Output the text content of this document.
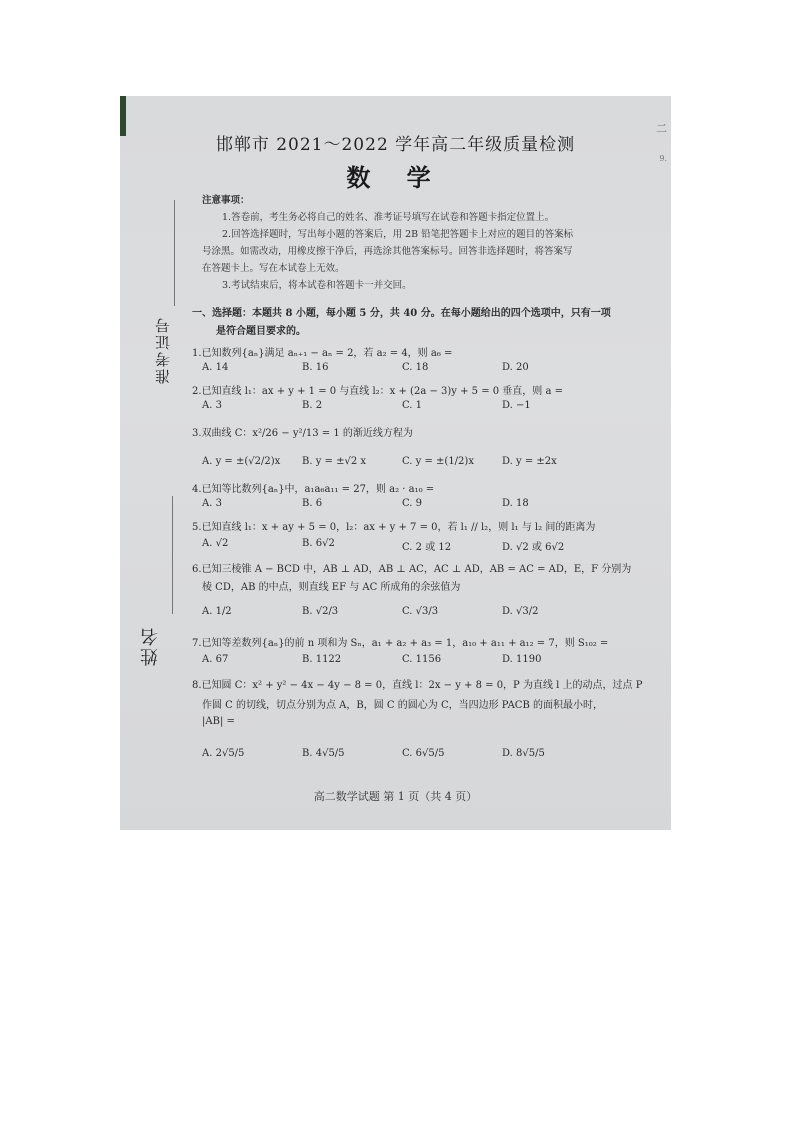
二
9.
邯郸市 2021～2022 学年高二年级质量检测
数 学
准考证号
姓名

注意事项：

1.答卷前，考生务必将自己的姓名、准考证号填写在试卷和答题卡指定位置上。

2.回答选择题时，写出每小题的答案后，用 2B 铅笔把答题卡上对应的题目的答案标

号涂黑。如需改动，用橡皮擦干净后，再选涂其他答案标号。回答非选择题时，将答案写

在答题卡上。写在本试卷上无效。

3.考试结束后，将本试卷和答题卡一并交回。

一、选择题：本题共 8 小题，每小题 5 分，共 40 分。在每小题给出的四个选项中，只有一项
是符合题目要求的。
1.已知数列{aₙ}满足 aₙ₊₁ − aₙ = 2，若 a₂ = 4，则 a₆ =
A. 14	B. 16	C. 18	D. 20
2.已知直线 l₁：ax + y + 1 = 0 与直线 l₂：x + (2a − 3)y + 5 = 0 垂直，则 a =
A. 3	B. 2	C. 1	D. −1
3.双曲线 C：x²/26 − y²/13 = 1 的渐近线方程为
A. y = ±(√2/2)x B. y = ±√2 x	C. y = ±(1/2)x	D. y = ±2x
4.已知等比数列{aₙ}中，a₁a₆a₁₁ = 27，则 a₂ · a₁₀ =
A. 3	B. 6	C. 9	D. 18
5.已知直线 l₁：x + ay + 5 = 0，l₂：ax + y + 7 = 0，若 l₁ // l₂，则 l₁ 与 l₂ 间的距离为
A. √2	B. 6√2	C. 2 或 12	D. √2 或 6√2
6.已知三棱锥 A − BCD 中，AB ⊥ AD，AB ⊥ AC，AC ⊥ AD，AB = AC = AD，E，F 分别为
棱 CD，AB 的中点，则直线 EF 与 AC 所成角的余弦值为
A. 1/2	B. √2/3	C. √3/3	D. √3/2
7.已知等差数列{aₙ}的前 n 项和为 Sₙ，a₁ + a₂ + a₃ = 1，a₁₀ + a₁₁ + a₁₂ = 7，则 S₁₀₂ =
A. 67	B. 1122	C. 1156	D. 1190
8.已知圆 C：x² + y² − 4x − 4y − 8 = 0，直线 l：2x − y + 8 = 0，P 为直线 l 上的动点，过点 P
作圆 C 的切线，切点分别为点 A，B，圆 C 的圆心为 C，当四边形 PACB 的面积最小时，
|AB| =
A. 2√5/5	B. 4√5/5	C. 6√5/5	D. 8√5/5
高二数学试题 第 1 页（共 4 页）
